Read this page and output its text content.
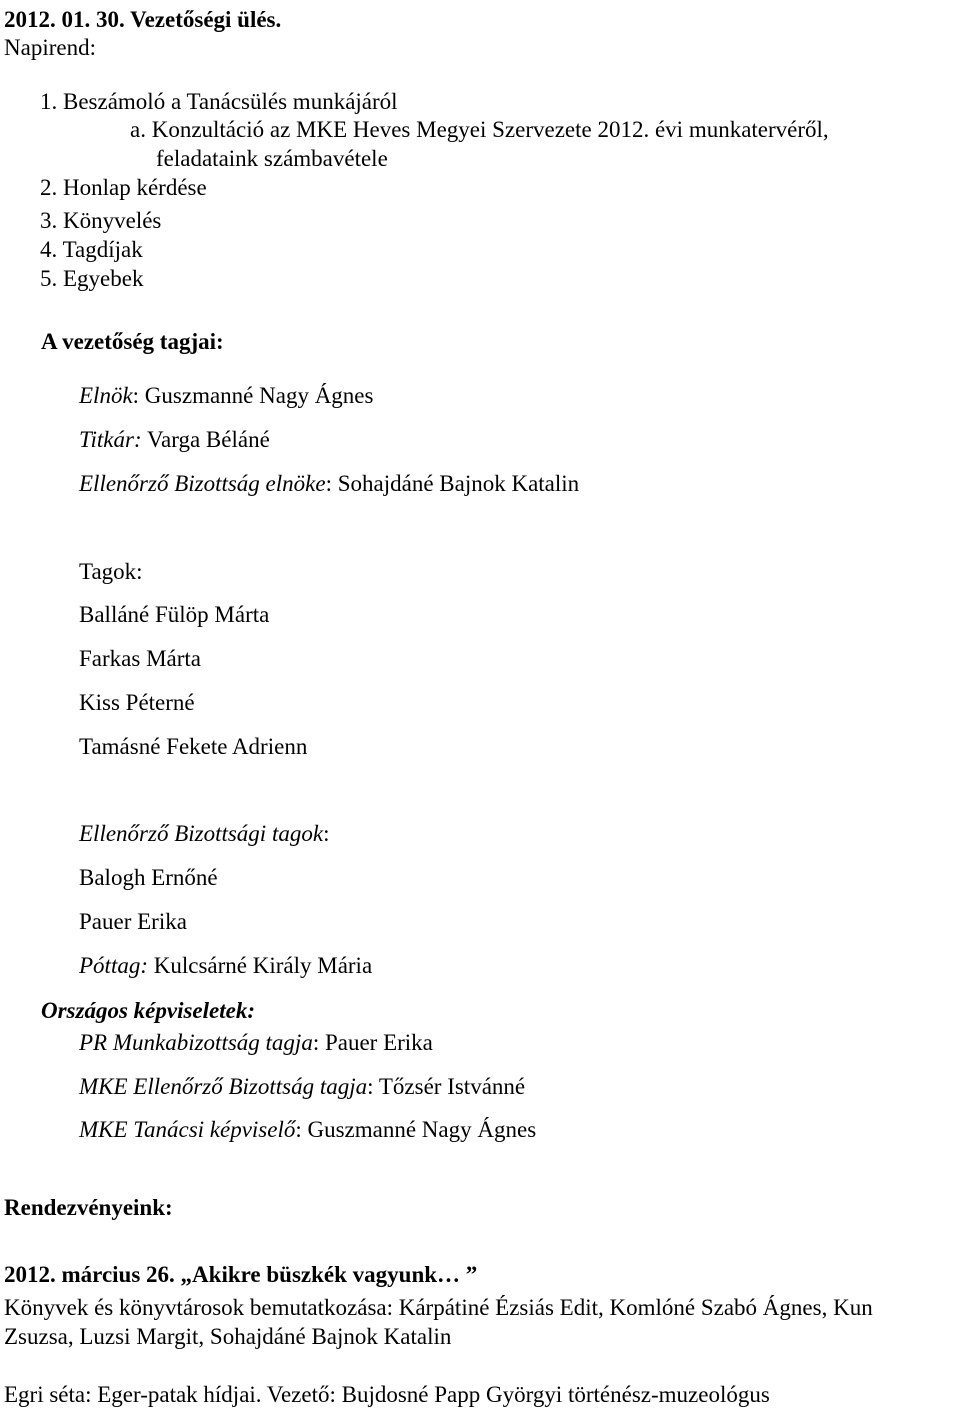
2012. 01. 30. Vezetőségi ülés.
Napirend:
1. Beszámoló a Tanácsülés munkájáról
a. Konzultáció az MKE Heves Megyei Szervezete 2012. évi munkatervéről,
feladataink számbavétele
2. Honlap kérdése
3. Könyvelés
4. Tagdíjak
5. Egyebek
A vezetőség tagjai:
Elnök: Guszmanné Nagy Ágnes
Titkár: Varga Béláné
Ellenőrző Bizottság elnöke: Sohajdáné Bajnok Katalin
Tagok:
Balláné Fülöp Márta
Farkas Márta
Kiss Péterné
Tamásné Fekete Adrienn
Ellenőrző Bizottsági tagok:
Balogh Ernőné
Pauer Erika
Póttag: Kulcsárné Király Mária
Országos képviseletek:
PR Munkabizottság tagja: Pauer Erika
MKE Ellenőrző Bizottság tagja: Tőzsér Istvánné
MKE Tanácsi képviselő: Guszmanné Nagy Ágnes
Rendezvényeink:
2012. március 26. „Akikre büszkék vagyunk… ”
Könyvek és könyvtárosok bemutatkozása: Kárpátiné Ézsiás Edit, Komlóné Szabó Ágnes, Kun
Zsuzsa, Luzsi Margit, Sohajdáné Bajnok Katalin
Egri séta: Eger-patak hídjai. Vezető: Bujdosné Papp Györgyi történész-muzeológus
